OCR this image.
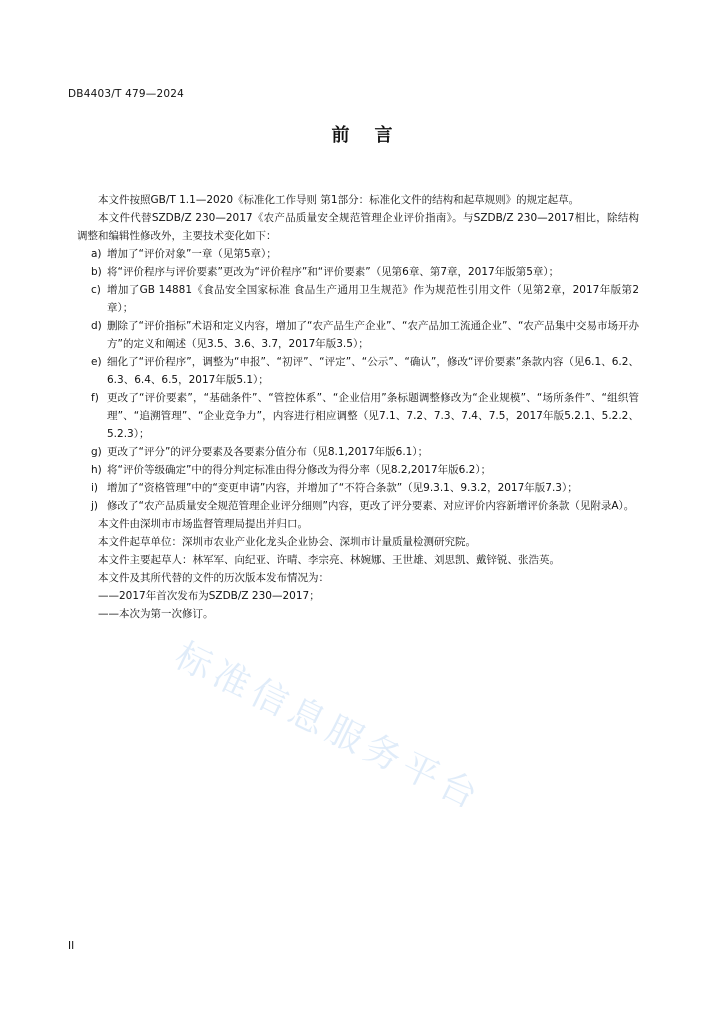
DB4403/T 479—2024
前    言
本文件按照GB/T 1.1—2020《标准化工作导则 第1部分：标准化文件的结构和起草规则》的规定起草。
本文件代替SZDB/Z 230—2017《农产品质量安全规范管理企业评价指南》。与SZDB/Z 230—2017相比，除结构调整和编辑性修改外，主要技术变化如下：
a) 增加了“评价对象”一章（见第5章）；
b) 将“评价程序与评价要素”更改为“评价程序”和“评价要素”（见第6章、第7章，2017年版第5章）；
c) 增加了GB 14881《食品安全国家标准 食品生产通用卫生规范》作为规范性引用文件（见第2章，2017年版第2章）；
d) 删除了“评价指标”术语和定义内容，增加了“农产品生产企业”、“农产品加工流通企业”、“农产品集中交易市场开办方”的定义和阐述（见3.5、3.6、3.7，2017年版3.5）；
e) 细化了“评价程序”，调整为“申报”、“初评”、“评定”、“公示”、“确认”，修改“评价要素”条款内容（见6.1、6.2、6.3、6.4、6.5，2017年版5.1）；
f) 更改了“评价要素”，“基础条件”、“管控体系”、“企业信用”条标题调整修改为“企业规模”、“场所条件”、“组织管理”、“追溯管理”、“企业竞争力”，内容进行相应调整（见7.1、7.2、7.3、7.4、7.5，2017年版5.2.1、5.2.2、5.2.3）；
g) 更改了“评分”的评分要素及各要素分值分布（见8.1,2017年版6.1）；
h) 将“评价等级确定”中的得分判定标准由得分修改为得分率（见8.2,2017年版6.2）；
i) 增加了“资格管理”中的“变更申请”内容，并增加了“不符合条款”（见9.3.1、9.3.2，2017年版7.3）；
j) 修改了“农产品质量安全规范管理企业评分细则”内容，更改了评分要素、对应评价内容新增评价条款（见附录A）。
本文件由深圳市市场监督管理局提出并归口。
本文件起草单位：深圳市农业产业化龙头企业协会、深圳市计量质量检测研究院。
本文件主要起草人：林军军、向纪亚、许晴、李宗亮、林婉娜、王世雄、刘思凯、戴锌锐、张浩英。
本文件及其所代替的文件的历次版本发布情况为：
——2017年首次发布为SZDB/Z 230—2017；
——本次为第一次修订。
标准信息服务平台
II
